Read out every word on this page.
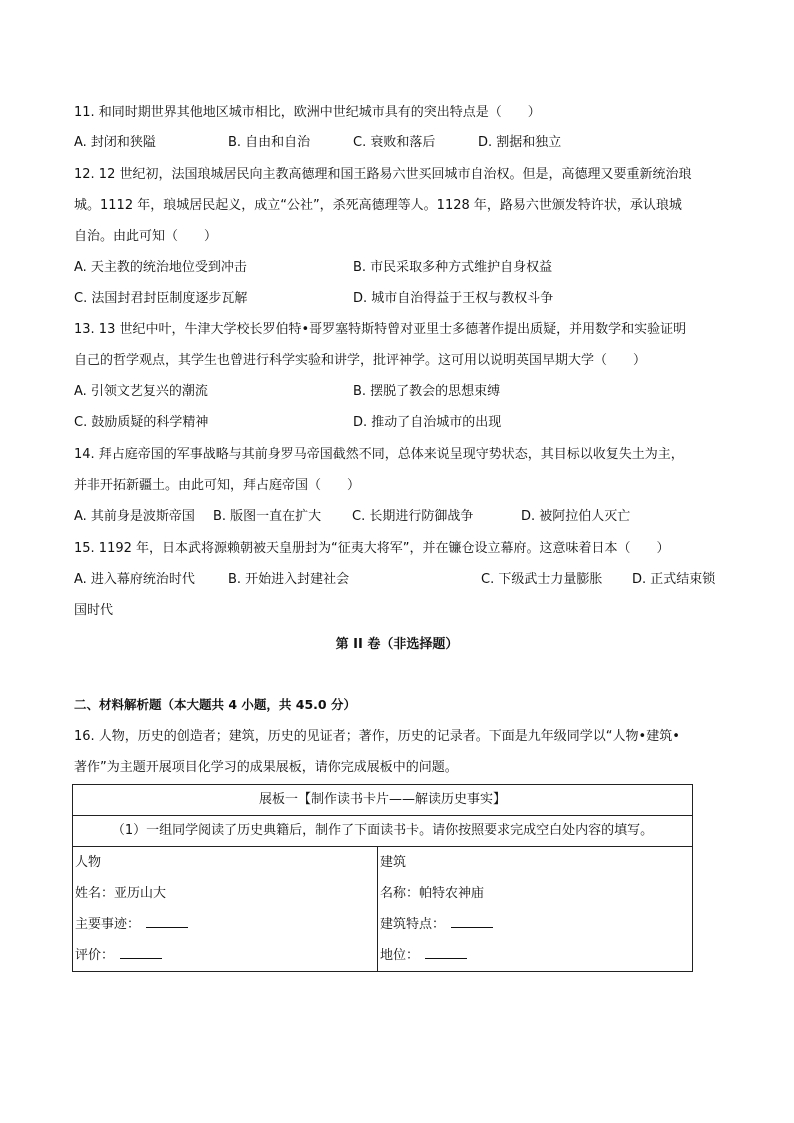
11. 和同时期世界其他地区城市相比，欧洲中世纪城市具有的突出特点是（　　）
A. 封闭和狭隘	B. 自由和自治	C. 衰败和落后	D. 割据和独立
12. 12 世纪初，法国琅城居民向主教高德理和国王路易六世买回城市自治权。但是，高德理又要重新统治琅
城。1112 年，琅城居民起义，成立“公社”，杀死高德理等人。1128 年，路易六世颁发特许状，承认琅城
自治。由此可知（　　）
A. 天主教的统治地位受到冲击	B. 市民采取多种方式维护自身权益
C. 法国封君封臣制度逐步瓦解	D. 城市自治得益于王权与教权斗争
13. 13 世纪中叶，牛津大学校长罗伯特•哥罗塞特斯特曾对亚里士多德著作提出质疑，并用数学和实验证明
自己的哲学观点，其学生也曾进行科学实验和讲学，批评神学。这可用以说明英国早期大学（　　）
A. 引领文艺复兴的潮流	B. 摆脱了教会的思想束缚
C. 鼓励质疑的科学精神	D. 推动了自治城市的出现
14. 拜占庭帝国的军事战略与其前身罗马帝国截然不同，总体来说呈现守势状态，其目标以收复失土为主，
并非开拓新疆土。由此可知，拜占庭帝国（　　）
A. 其前身是波斯帝国 B. 版图一直在扩大 C. 长期进行防御战争	D. 被阿拉伯人灭亡
15. 1192 年，日本武将源赖朝被天皇册封为“征夷大将军”，并在镰仓设立幕府。这意味着日本（　　）
A. 进入幕府统治时代	B. 开始进入封建社会	C. 下级武士力量膨胀 D. 正式结束锁
国时代
第 II 卷（非选择题）
二、材料解析题（本大题共 4 小题，共 45.0 分）
16. 人物，历史的创造者；建筑，历史的见证者；著作，历史的记录者。下面是九年级同学以“人物•建筑•
著作”为主题开展项目化学习的成果展板，请你完成展板中的问题。
展板一【制作读书卡片——解读历史事实】
（1）一组同学阅读了历史典籍后，制作了下面读书卡。请你按照要求完成空白处内容的填写。

人物
姓名：亚历山大
主要事迹：
评价：

建筑
名称：帕特农神庙
建筑特点：
地位：
